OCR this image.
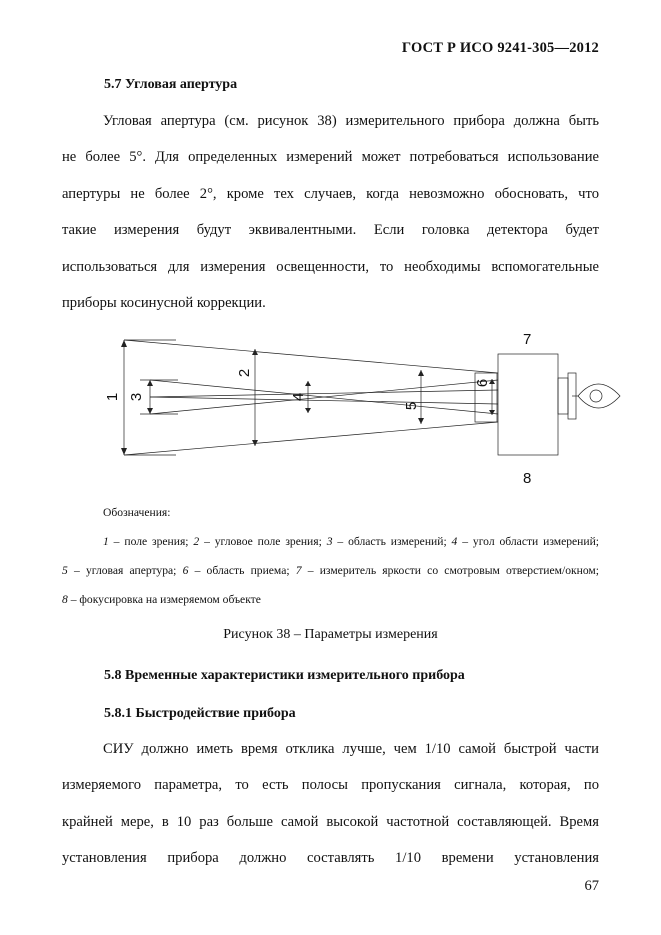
ГОСТ Р ИСО 9241-305—2012
5.7 Угловая апертура
Угловая апертура (см. рисунок 38) измерительного прибора должна быть
не более 5°. Для определенных измерений может потребоваться использование
апертуры не более 2°, кроме тех случаев, когда невозможно обосновать, что
такие измерения будут эквивалентными. Если головка детектора будет
использоваться для измерения освещенности, то необходимы вспомогательные
приборы косинусной коррекции.
1
2
3	4
5
6
7
8
Обозначения:
1 – поле зрения; 2 – угловое поле зрения; 3 – область измерений; 4 – угол области измерений;
5 – угловая апертура; 6 – область приема; 7 – измеритель яркости со смотровым отверстием/окном;
8 – фокусировка на измеряемом объекте
Рисунок 38 – Параметры измерения
5.8 Временные характеристики измерительного прибора
5.8.1 Быстродействие прибора
СИУ должно иметь время отклика лучше, чем 1/10 самой быстрой части
измеряемого параметра, то есть полосы пропускания сигнала, которая, по
крайней мере, в 10 раз больше самой высокой частотной составляющей. Время
установления прибора должно составлять 1/10 времени установления
67
